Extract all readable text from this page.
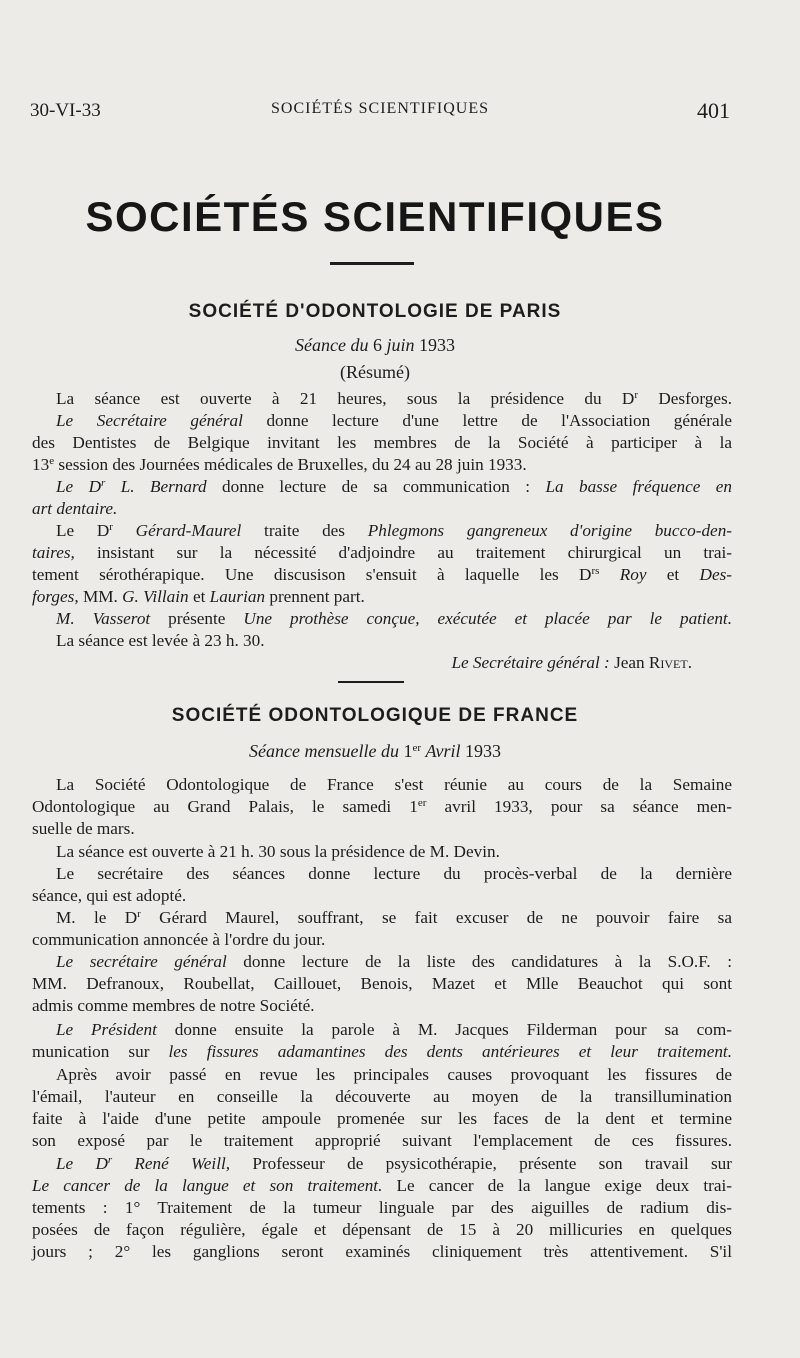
30-VI-33	SOCIÉTÉS SCIENTIFIQUES	401
SOCIÉTÉS SCIENTIFIQUES
SOCIÉTÉ D'ODONTOLOGIE DE PARIS
Séance du 6 juin 1933
(Résumé)
La séance est ouverte à 21 heures, sous la présidence du $D^r$ Desforges.
Le Secrétaire général donne lecture d'une lettre de l'Association générale
des Dentistes de Belgique invitant les membres de la Société à participer à la
13e session des Journées médicales de Bruxelles, du 24 au 28 juin 1933.
Le $D^r$ L. Bernard donne lecture de sa communication : La basse fréquence en
art dentaire.
Le $D^r$ Gérard-Maurel traite des Phlegmons gangreneux d'origine bucco-den-
taires, insistant sur la nécessité d'adjoindre au traitement chirurgical un trai-
tement sérothérapique. Une discusison s'ensuit à laquelle les $D^{rs}$ Roy et Des-
forges, MM. G. Villain et Laurian prennent part.
M. Vasserot présente Une prothèse conçue, exécutée et placée par le patient.
La séance est levée à 23 h. 30.
Le Secrétaire général : Jean Rivet.
SOCIÉTÉ ODONTOLOGIQUE DE FRANCE
Séance mensuelle du 1er Avril 1933
La Société Odontologique de France s'est réunie au cours de la Semaine
Odontologique au Grand Palais, le samedi 1er avril 1933, pour sa séance men-
suelle de mars.
La séance est ouverte à 21 h. 30 sous la présidence de M. Devin.
Le secrétaire des séances donne lecture du procès-verbal de la dernière
séance, qui est adopté.
M. le $D^r$ Gérard Maurel, souffrant, se fait excuser de ne pouvoir faire sa
communication annoncée à l'ordre du jour.
Le secrétaire général donne lecture de la liste des candidatures à la S.O.F. :
MM. Defranoux, Roubellat, Caillouet, Benois, Mazet et Mlle Beauchot qui sont
admis comme membres de notre Société.
Le Président donne ensuite la parole à M. Jacques Filderman pour sa com-
munication sur les fissures adamantines des dents antérieures et leur traitement.
Après avoir passé en revue les principales causes provoquant les fissures de
l'émail, l'auteur en conseille la découverte au moyen de la transillumination
faite à l'aide d'une petite ampoule promenée sur les faces de la dent et termine
son exposé par le traitement approprié suivant l'emplacement de ces fissures.
Le $D^r$ René Weill, Professeur de psysicothérapie, présente son travail sur
Le cancer de la langue et son traitement. Le cancer de la langue exige deux trai-
tements : 1° Traitement de la tumeur linguale par des aiguilles de radium dis-
posées de façon régulière, égale et dépensant de 15 à 20 millicuries en quelques
jours ; 2° les ganglions seront examinés cliniquement très attentivement. S'il
